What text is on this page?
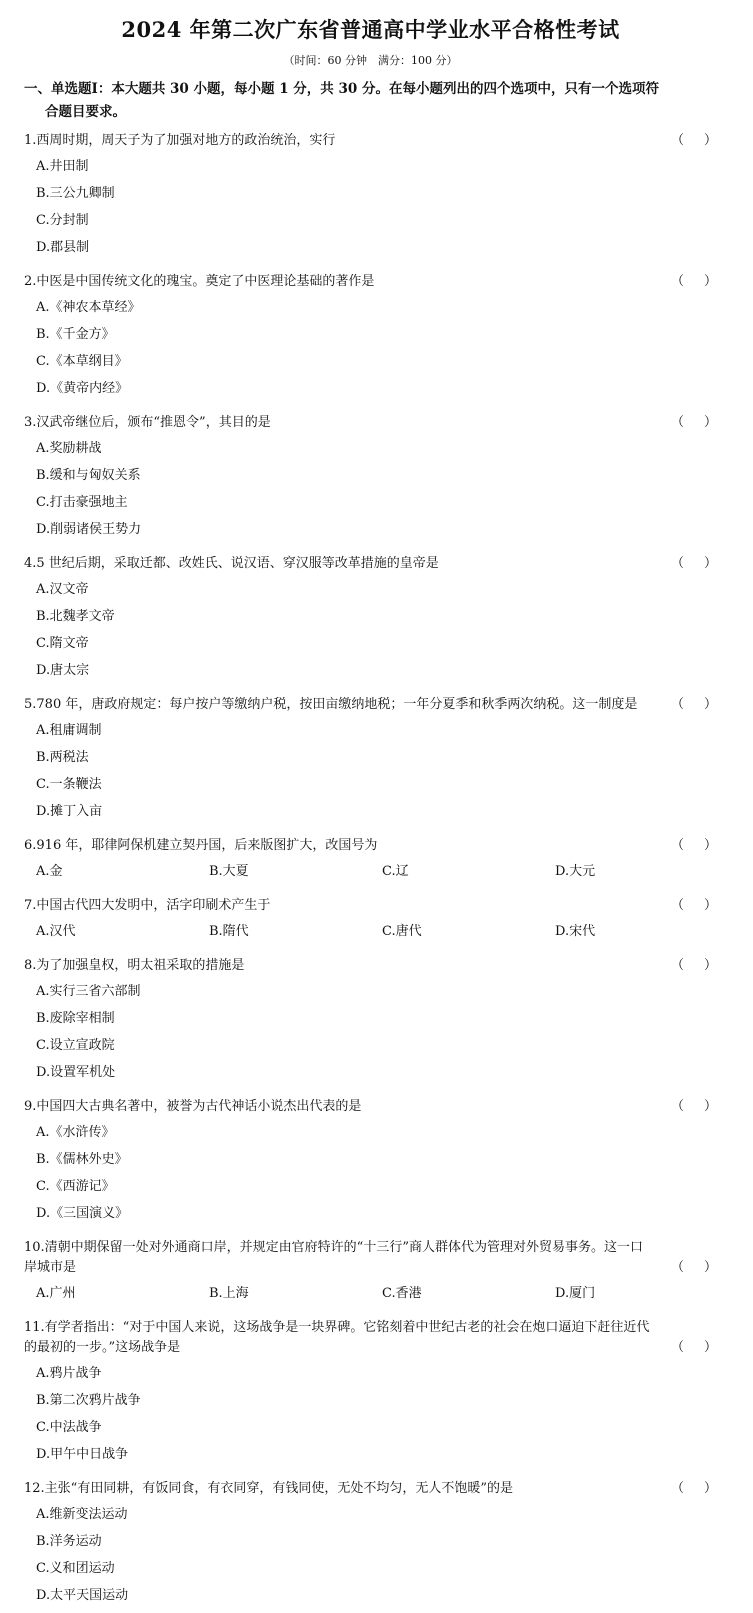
2024 年第二次广东省普通高中学业水平合格性考试
（时间：60 分钟　满分：100 分）
一、单选题Ⅰ：本大题共 30 小题，每小题 1 分，共 30 分。在每小题列出的四个选项中，只有一个选项符
合题目要求。
1.西周时期，周天子为了加强对地方的政治统治，实行	（ ）
A.井田制
B.三公九卿制
C.分封制
D.郡县制
2.中医是中国传统文化的瑰宝。奠定了中医理论基础的著作是	（ ）
A.《神农本草经》
B.《千金方》
C.《本草纲目》
D.《黄帝内经》
3.汉武帝继位后，颁布“推恩令”，其目的是	（ ）
A.奖励耕战
B.缓和与匈奴关系
C.打击豪强地主
D.削弱诸侯王势力
4.5 世纪后期，采取迁都、改姓氏、说汉语、穿汉服等改革措施的皇帝是	（ ）
A.汉文帝
B.北魏孝文帝
C.隋文帝
D.唐太宗
5.780 年，唐政府规定：每户按户等缴纳户税，按田亩缴纳地税；一年分夏季和秋季两次纳税。这一制度是	（ ）
A.租庸调制
B.两税法
C.一条鞭法
D.摊丁入亩
6.916 年，耶律阿保机建立契丹国，后来版图扩大，改国号为	（ ）
A.金	B.大夏	C.辽	D.大元
7.中国古代四大发明中，活字印刷术产生于	（ ）
A.汉代	B.隋代	C.唐代	D.宋代
8.为了加强皇权，明太祖采取的措施是	（ ）
A.实行三省六部制
B.废除宰相制
C.设立宣政院
D.设置军机处
9.中国四大古典名著中，被誉为古代神话小说杰出代表的是	（ ）
A.《水浒传》
B.《儒林外史》
C.《西游记》
D.《三国演义》
10.清朝中期保留一处对外通商口岸，并规定由官府特许的“十三行”商人群体代为管理对外贸易事务。这一口
岸城市是	（ ）
A.广州	B.上海	C.香港	D.厦门
11.有学者指出：“对于中国人来说，这场战争是一块界碑。它铭刻着中世纪古老的社会在炮口逼迫下赶往近代
的最初的一步。”这场战争是	（ ）
A.鸦片战争
B.第二次鸦片战争
C.中法战争
D.甲午中日战争
12.主张“有田同耕，有饭同食，有衣同穿，有钱同使，无处不均匀，无人不饱暖”的是	（ ）
A.维新变法运动
B.洋务运动
C.义和团运动
D.太平天国运动
